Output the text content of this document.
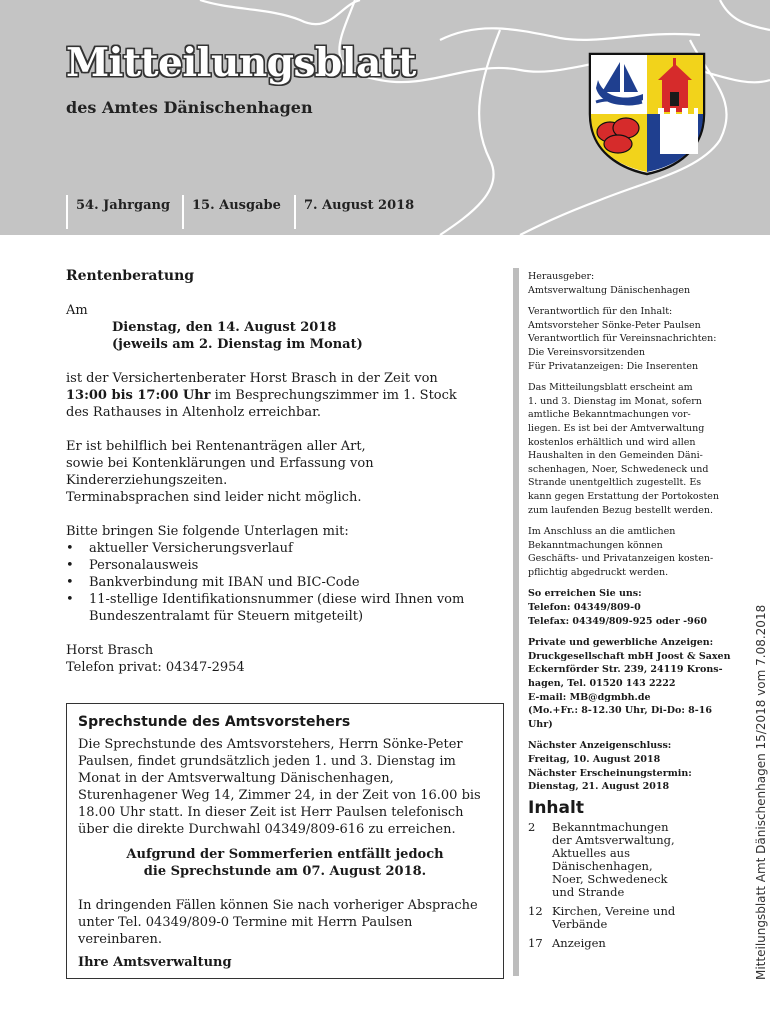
Mitteilungsblatt
des Amtes Dänischenhagen
54. Jahrgang	15. Ausgabe	7. August 2018
Rentenberatung
Am
Dienstag, den 14. August 2018
(jeweils am 2. Dienstag im Monat)
ist der Versichertenberater Horst Brasch in der Zeit von
13:00 bis 17:00 Uhr im Besprechungszimmer im 1. Stock
des Rathauses in Altenholz erreichbar.
Er ist behilflich bei Rentenanträgen aller Art,
sowie bei Kontenklärungen und Erfassung von
Kindererziehungszeiten.
Terminabsprachen sind leider nicht möglich.
Bitte bringen Sie folgende Unterlagen mit:
• aktueller Versicherungsverlauf
• Personalausweis
• Bankverbindung mit IBAN und BIC-Code
• 11-stellige Identifikationsnummer (diese wird Ihnen vom Bundeszentralamt für Steuern mitgeteilt)
Horst Brasch
Telefon privat: 04347-2954
Sprechstunde des Amtsvorstehers
Die Sprechstunde des Amtsvorstehers, Herrn Sönke-Peter Paulsen, findet grundsätzlich jeden 1. und 3. Dienstag im Monat in der Amtsverwaltung Dänischenhagen, Sturenhagener Weg 14, Zimmer 24, in der Zeit von 16.00 bis 18.00 Uhr statt. In dieser Zeit ist Herr Paulsen telefonisch über die direkte Durchwahl 04349/809-616 zu erreichen.
Aufgrund der Sommerferien entfällt jedoch
die Sprechstunde am 07. August 2018.
In dringenden Fällen können Sie nach vorheriger Absprache unter Tel. 04349/809-0 Termine mit Herrn Paulsen vereinbaren.
Ihre Amtsverwaltung
Herausgeber:
Amtsverwaltung Dänischenhagen
Verantwortlich für den Inhalt:
Amtsvorsteher Sönke-Peter Paulsen
Verantwortlich für Vereinsnachrichten:
Die Vereinsvorsitzenden
Für Privatanzeigen: Die Inserenten
Das Mitteilungsblatt erscheint am
1. und 3. Dienstag im Monat, sofern
amtliche Bekanntmachungen vor-
liegen. Es ist bei der Amtverwaltung
kostenlos erhältlich und wird allen
Haushalten in den Gemeinden Däni-
schenhagen, Noer, Schwedeneck und
Strande unentgeltlich zugestellt. Es
kann gegen Erstattung der Portokosten
zum laufenden Bezug bestellt werden.
Im Anschluss an die amtlichen
Bekanntmachungen können
Geschäfts- und Privatanzeigen kosten-
pflichtig abgedruckt werden.
So erreichen Sie uns:
Telefon: 04349/809-0
Telefax: 04349/809-925 oder -960
Private und gewerbliche Anzeigen:
Druckgesellschaft mbH Joost & Saxen
Eckernförder Str. 239, 24119 Krons-
hagen, Tel. 01520 143 2222
E-mail: MB@dgmbh.de
(Mo.+Fr.: 8-12.30 Uhr, Di-Do: 8-16 Uhr)
Nächster Anzeigenschluss:
Freitag, 10. August 2018
Nächster Erscheinungstermin:
Dienstag, 21. August 2018
Inhalt
2	Bekanntmachungen der Amtsverwaltung, Aktuelles aus Dänischenhagen, Noer, Schwedeneck und Strande
12 Kirchen, Vereine und Verbände
17 Anzeigen	Mitteilungsblatt Amt Dänischenhagen 15/2018 vom 7.08.2018
